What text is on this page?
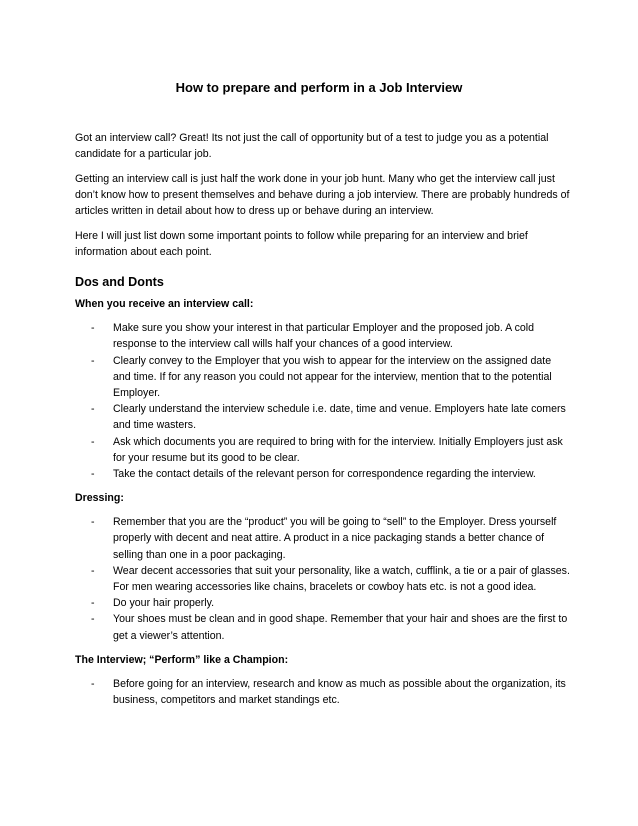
How to prepare and perform in a Job Interview

Got an interview call? Great! Its not just the call of opportunity but of a test to judge you as a potential candidate for a particular job.

Getting an interview call is just half the work done in your job hunt. Many who get the interview call just don’t know how to present themselves and behave during a job interview. There are probably hundreds of articles written in detail about how to dress up or behave during an interview.

Here I will just list down some important points to follow while preparing for an interview and brief information about each point.

Dos and Donts
When you receive an interview call:
- Make sure you show your interest in that particular Employer and the proposed job. A cold response to the interview call wills half your chances of a good interview.
- Clearly convey to the Employer that you wish to appear for the interview on the assigned date and time. If for any reason you could not appear for the interview, mention that to the potential Employer.
- Clearly understand the interview schedule i.e. date, time and venue. Employers hate late comers and time wasters.
- Ask which documents you are required to bring with for the interview. Initially Employers just ask for your resume but its good to be clear.
- Take the contact details of the relevant person for correspondence regarding the interview.
Dressing:
- Remember that you are the “product” you will be going to “sell” to the Employer. Dress yourself properly with decent and neat attire. A product in a nice packaging stands a better chance of selling than one in a poor packaging.
- Wear decent accessories that suit your personality, like a watch, cufflink, a tie or a pair of glasses. For men wearing accessories like chains, bracelets or cowboy hats etc. is not a good idea.
- Do your hair properly.
- Your shoes must be clean and in good shape. Remember that your hair and shoes are the first to get a viewer’s attention.
The Interview; “Perform” like a Champion:
- Before going for an interview, research and know as much as possible about the organization, its business, competitors and market standings etc.
